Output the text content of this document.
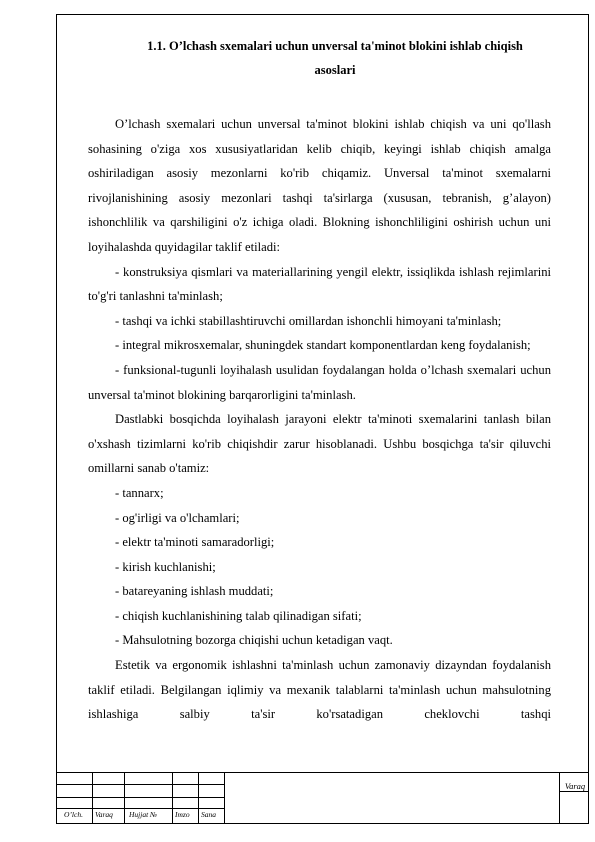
1.1. O’lchash sxemalari uchun unversal ta'minot blokini ishlab chiqish
asoslari

O’lchash sxemalari uchun unversal ta'minot blokini ishlab chiqish va uni qo'llash sohasining o'ziga xos xususiyatlaridan kelib chiqib, keyingi ishlab chiqish amalga oshiriladigan asosiy mezonlarni ko'rib chiqamiz. Unversal ta'minot sxemalarni rivojlanishining asosiy mezonlari tashqi ta'sirlarga (xususan, tebranish, g’alayon) ishonchlilik va qarshiligini o'z ichiga oladi. Blokning ishonchliligini oshirish uchun uni loyihalashda quyidagilar taklif etiladi:

- konstruksiya qismlari va materiallarining yengil elektr, issiqlikda ishlash rejimlarini to'g'ri tanlashni ta'minlash;

- tashqi va ichki stabillashtiruvchi omillardan ishonchli himoyani ta'minlash;

- integral mikrosxemalar, shuningdek standart komponentlardan keng foydalanish;

- funksional-tugunli loyihalash usulidan foydalangan holda o’lchash sxemalari uchun unversal ta'minot blokining barqarorligini ta'minlash.

Dastlabki bosqichda loyihalash jarayoni elektr ta'minoti sxemalarini tanlash bilan o'xshash tizimlarni ko'rib chiqishdir zarur hisoblanadi. Ushbu bosqichga ta'sir qiluvchi omillarni sanab o'tamiz:

- tannarx;

- og'irligi va o'lchamlari;

- elektr ta'minoti samaradorligi;

- kirish kuchlanishi;

- batareyaning ishlash muddati;

- chiqish kuchlanishining talab qilinadigan sifati;

- Mahsulotning bozorga chiqishi uchun ketadigan vaqt.

Estetik va ergonomik ishlashni ta'minlash uchun zamonaviy dizayndan foydalanish taklif etiladi. Belgilangan iqlimiy va mexanik talablarni ta'minlash uchun mahsulotning ishlashiga salbiy ta'sir ko'rsatadigan cheklovchi tashqi

O’lch. Varaq Hujjat № Imzo Sana
Varaq
